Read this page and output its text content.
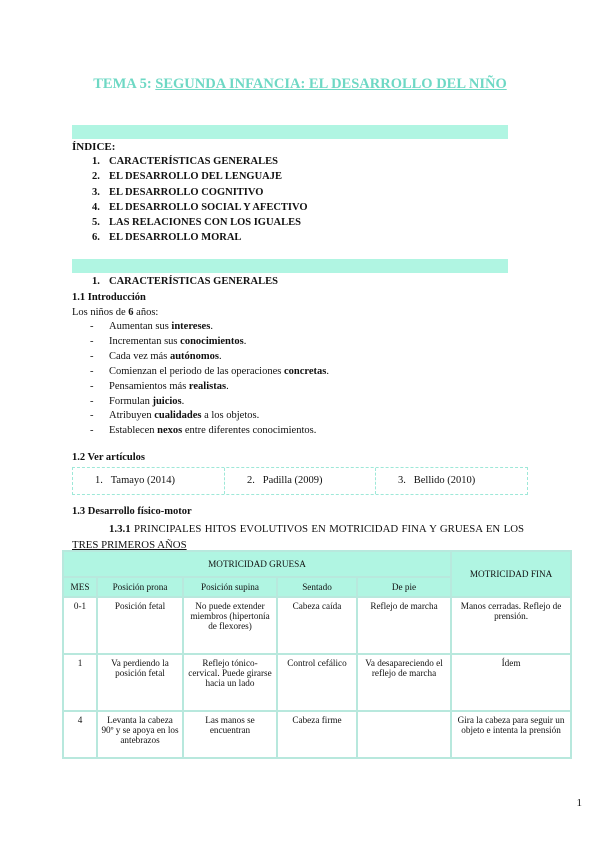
TEMA 5: SEGUNDA INFANCIA: EL DESARROLLO DEL NIÑO
ÍNDICE:
1. CARACTERÍSTICAS GENERALES
2. EL DESARROLLO DEL LENGUAJE
3. EL DESARROLLO COGNITIVO
4. EL DESARROLLO SOCIAL Y AFECTIVO
5. LAS RELACIONES CON LOS IGUALES
6. EL DESARROLLO MORAL
1. CARACTERÍSTICAS GENERALES
1.1 Introducción
Los niños de 6 años:
- Aumentan sus intereses.
- Incrementan sus conocimientos.
- Cada vez más autónomos.
- Comienzan el periodo de las operaciones concretas.
- Pensamientos más realistas.
- Formulan juicios.
- Atribuyen cualidades a los objetos.
- Establecen nexos entre diferentes conocimientos.
1.2 Ver artículos
1. Tamayo (2014)	2. Padilla (2009)	3. Bellido (2010)
1.3 Desarrollo físico-motor
1.3.1 PRINCIPALES HITOS EVOLUTIVOS EN MOTRICIDAD FINA Y GRUESA EN LOS TRES PRIMEROS AÑOS
MOTRICIDAD GRUESA					MOTRICIDAD FINA
MES	Posición prona	Posición supina	Sentado	De pie	
0-1	Posición fetal	No puede extender miembros (hipertonía de flexores)	Cabeza caída	Reflejo de marcha	Manos cerradas. Reflejo de prensión.
1	Va perdiendo la posición fetal	Reflejo tónico-cervical. Puede girarse hacia un lado	Control cefálico	Va desapareciendo el reflejo de marcha	Ídem
4	Levanta la cabeza 90º y se apoya en los antebrazos	Las manos se encuentran	Cabeza firme		Gira la cabeza para seguir un objeto e intenta la prensión
1
